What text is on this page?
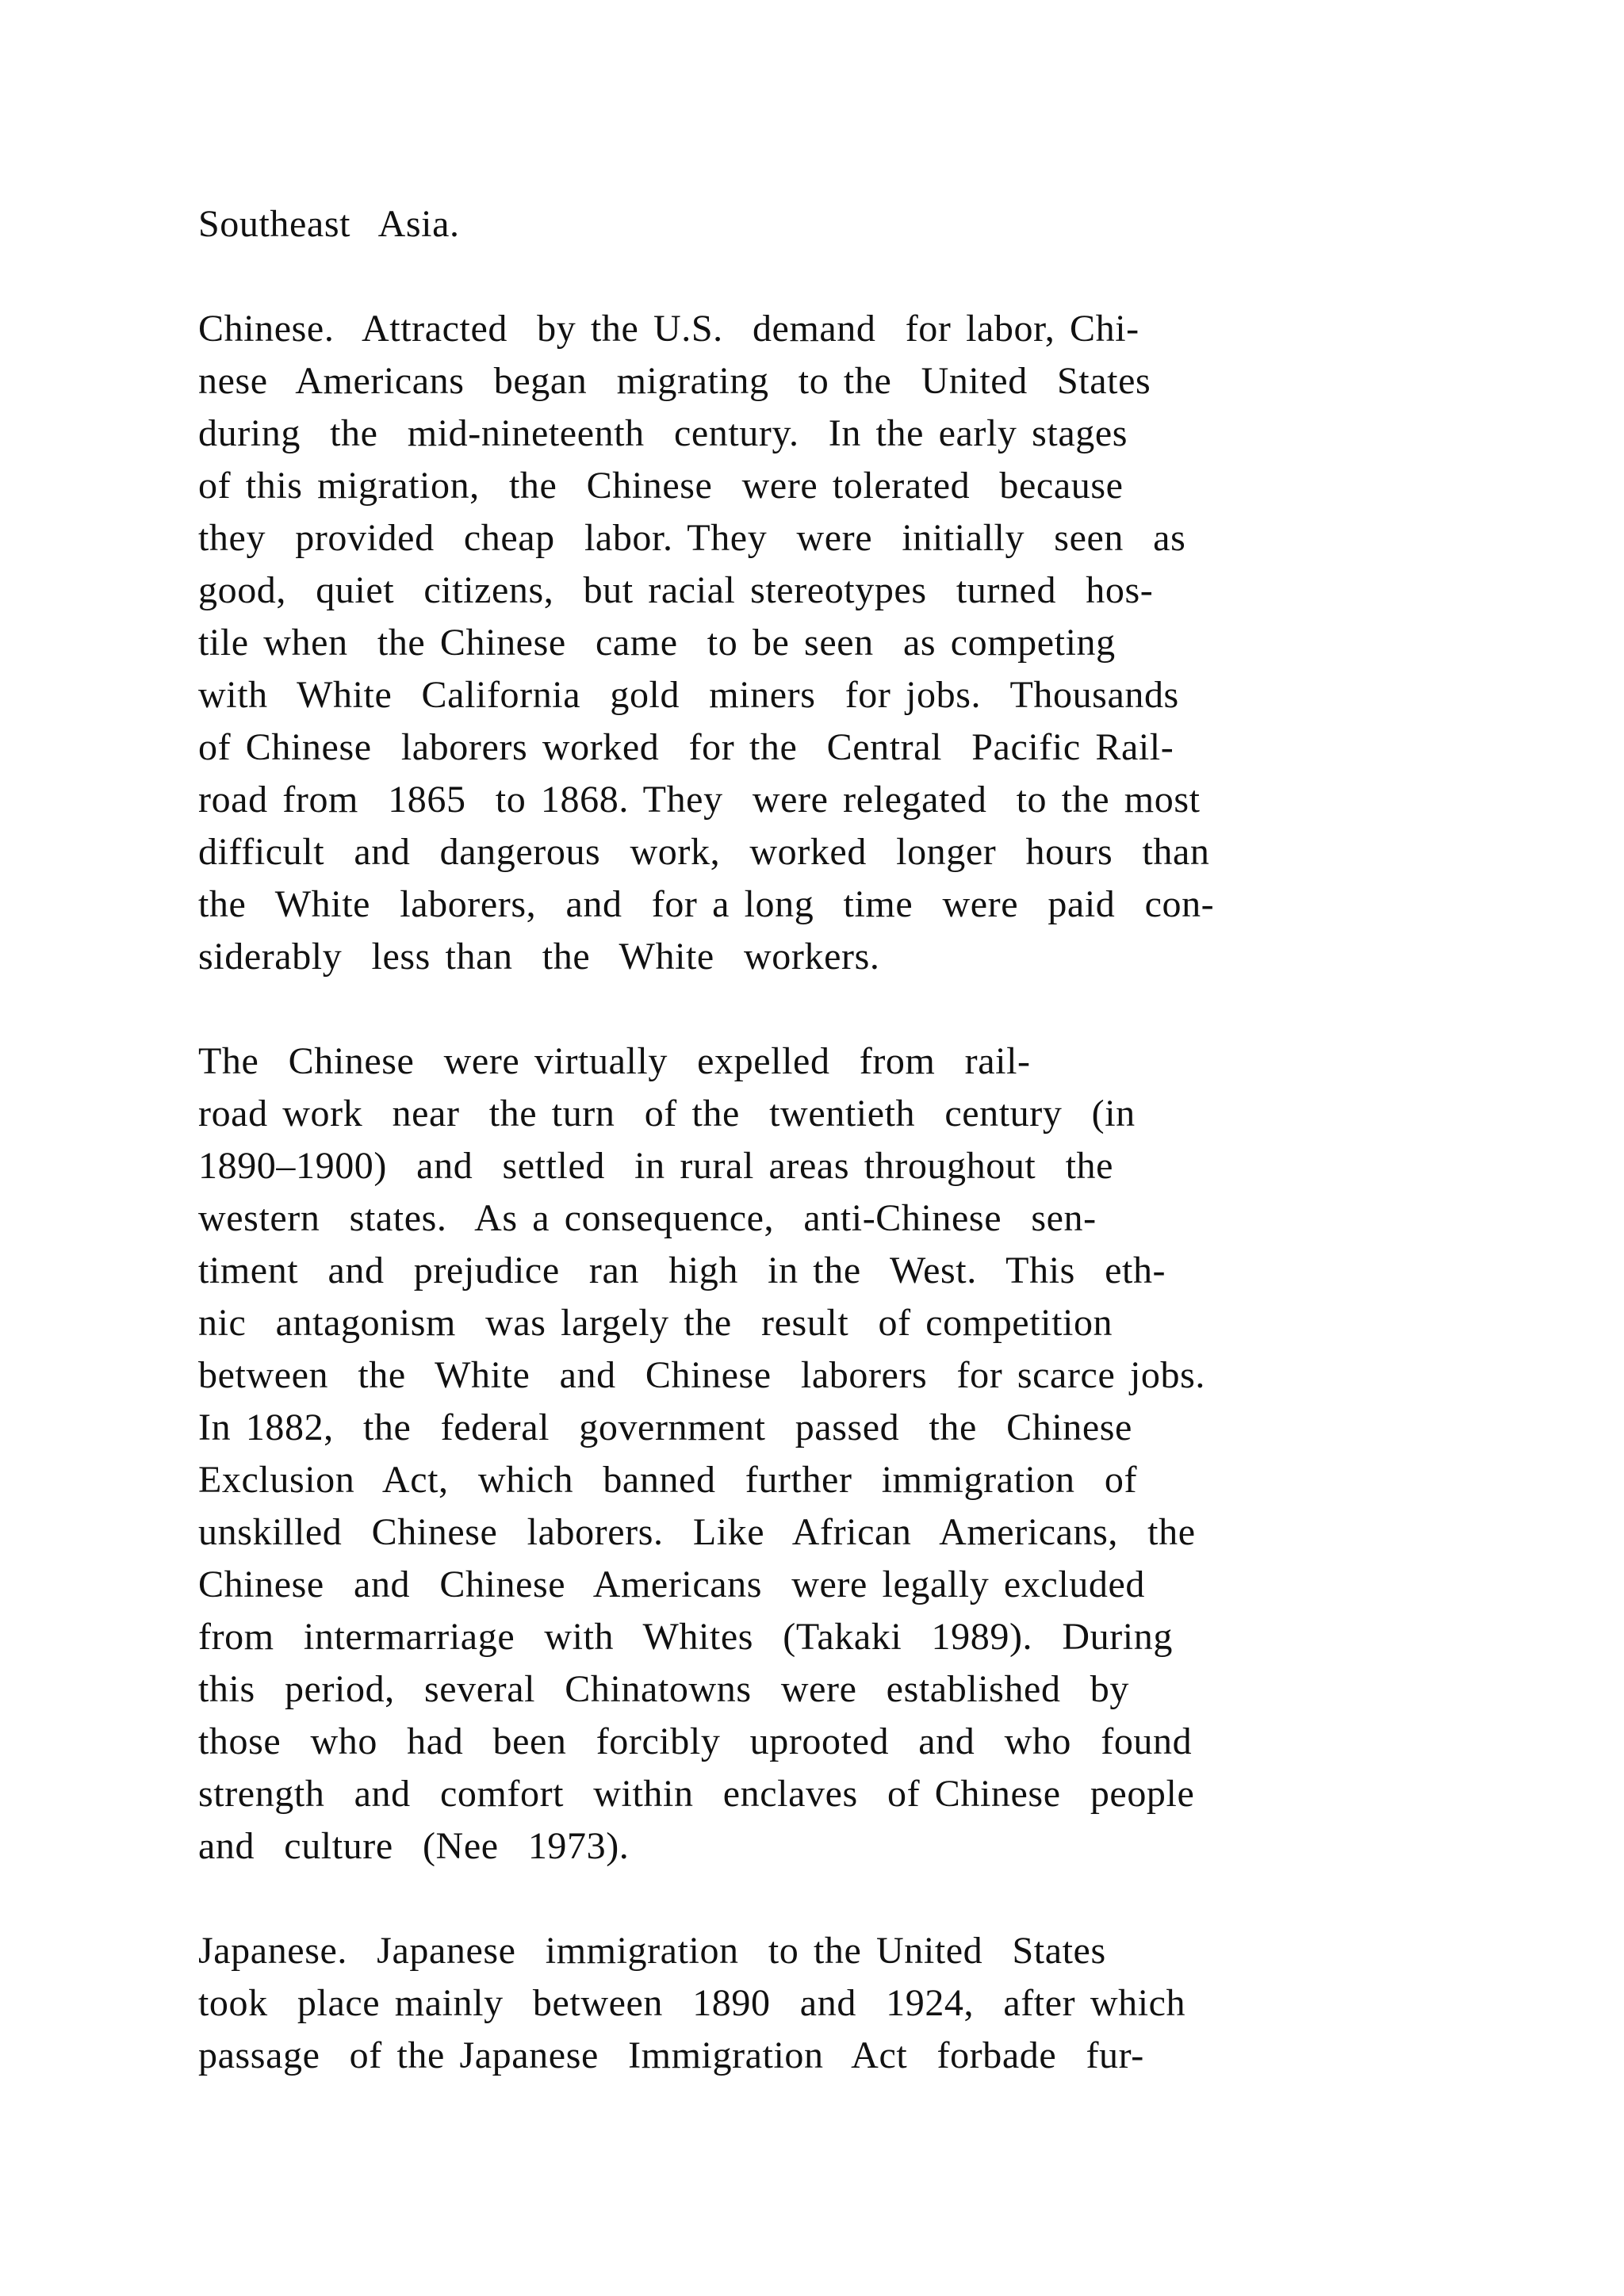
Southeast  Asia.
Chinese.  Attracted  by the U.S.  demand  for labor, Chi-
nese  Americans  began  migrating  to the  United  States
during  the  mid-nineteenth  century.  In the early stages
of this migration,  the  Chinese  were tolerated  because
they  provided  cheap  labor. They  were  initially  seen  as
good,  quiet  citizens,  but racial stereotypes  turned  hos-
tile when  the Chinese  came  to be seen  as competing
with  White  California  gold  miners  for jobs.  Thousands
of Chinese  laborers worked  for the  Central  Pacific Rail-
road from  1865  to 1868. They  were relegated  to the most
difficult  and  dangerous  work,  worked  longer  hours  than
the  White  laborers,  and  for a long  time  were  paid  con-
siderably  less than  the  White  workers.
The  Chinese  were virtually  expelled  from  rail-
road work  near  the turn  of the  twentieth  century  (in
1890–1900)  and  settled  in rural areas throughout  the
western  states.  As a consequence,  anti-Chinese  sen-
timent  and  prejudice  ran  high  in the  West.  This  eth-
nic  antagonism  was largely the  result  of competition
between  the  White  and  Chinese  laborers  for scarce jobs.
In 1882,  the  federal  government  passed  the  Chinese
Exclusion  Act,  which  banned  further  immigration  of
unskilled  Chinese  laborers.  Like  African  Americans,  the
Chinese  and  Chinese  Americans  were legally excluded
from  intermarriage  with  Whites  (Takaki  1989).  During
this  period,  several  Chinatowns  were  established  by
those  who  had  been  forcibly  uprooted  and  who  found
strength  and  comfort  within  enclaves  of Chinese  people
and  culture  (Nee  1973).
Japanese.  Japanese  immigration  to the United  States
took  place mainly  between  1890  and  1924,  after which
passage  of the Japanese  Immigration  Act  forbade  fur-
